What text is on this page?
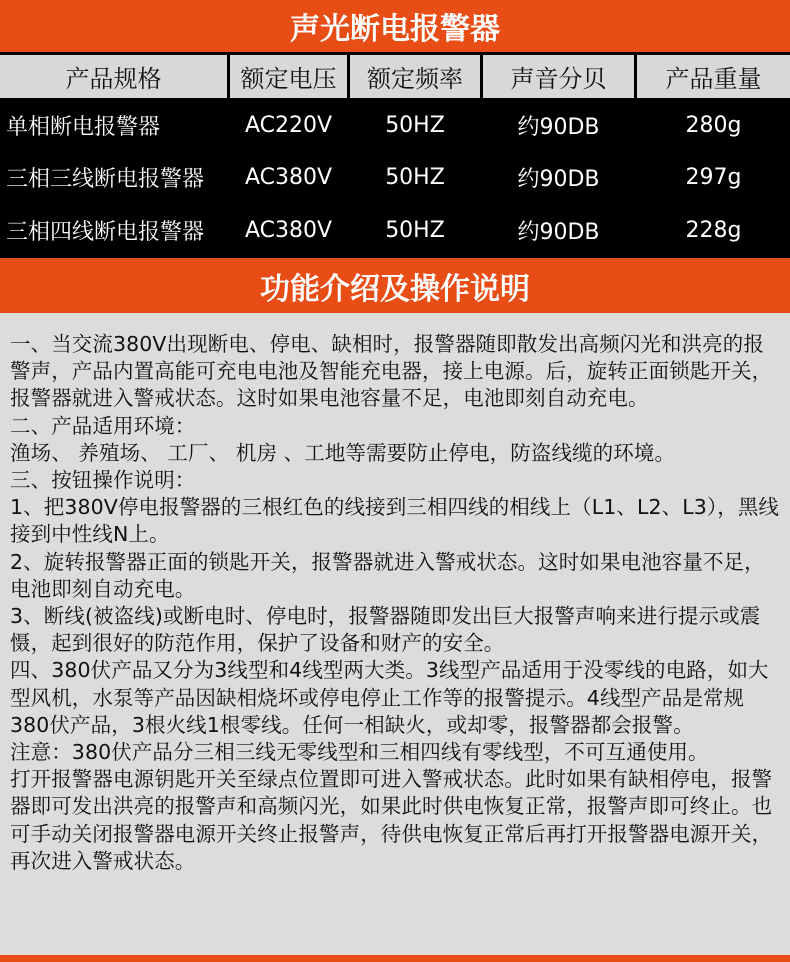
声光断电报警器
产品规格	额定电压	额定频率	声音分贝	产品重量
单相断电报警器	AC220V	50HZ	约90DB	280g
三相三线断电报警器	AC380V	50HZ	约90DB	297g
三相四线断电报警器	AC380V	50HZ	约90DB	228g
功能介绍及操作说明

一、当交流380V出现断电、停电、缺相时，报警器随即散发出高频闪光和洪亮的报警声，产品内置高能可充电电池及智能充电器，接上电源。后，旋转正面锁匙开关，报警器就进入警戒状态。这时如果电池容量不足，电池即刻自动充电。

二、产品适用环境：

渔场、 养殖场、 工厂、 机房 、工地等需要防止停电，防盗线缆的环境。

三、按钮操作说明：

1、把380V停电报警器的三根红色的线接到三相四线的相线上（L1、L2、L3），黑线接到中性线N上。

2、旋转报警器正面的锁匙开关，报警器就进入警戒状态。这时如果电池容量不足，电池即刻自动充电。

3、断线(被盗线)或断电时、停电时，报警器随即发出巨大报警声响来进行提示或震慑，起到很好的防范作用，保护了设备和财产的安全。

四、380伏产品又分为3线型和4线型两大类。3线型产品适用于没零线的电路，如大型风机，水泵等产品因缺相烧坏或停电停止工作等的报警提示。4线型产品是常规380伏产品，3根火线1根零线。任何一相缺火，或却零，报警器都会报警。

注意：380伏产品分三相三线无零线型和三相四线有零线型，不可互通使用。

打开报警器电源钥匙开关至绿点位置即可进入警戒状态。此时如果有缺相停电，报警器即可发出洪亮的报警声和高频闪光，如果此时供电恢复正常，报警声即可终止。也可手动关闭报警器电源开关终止报警声，待供电恢复正常后再打开报警器电源开关，再次进入警戒状态。
